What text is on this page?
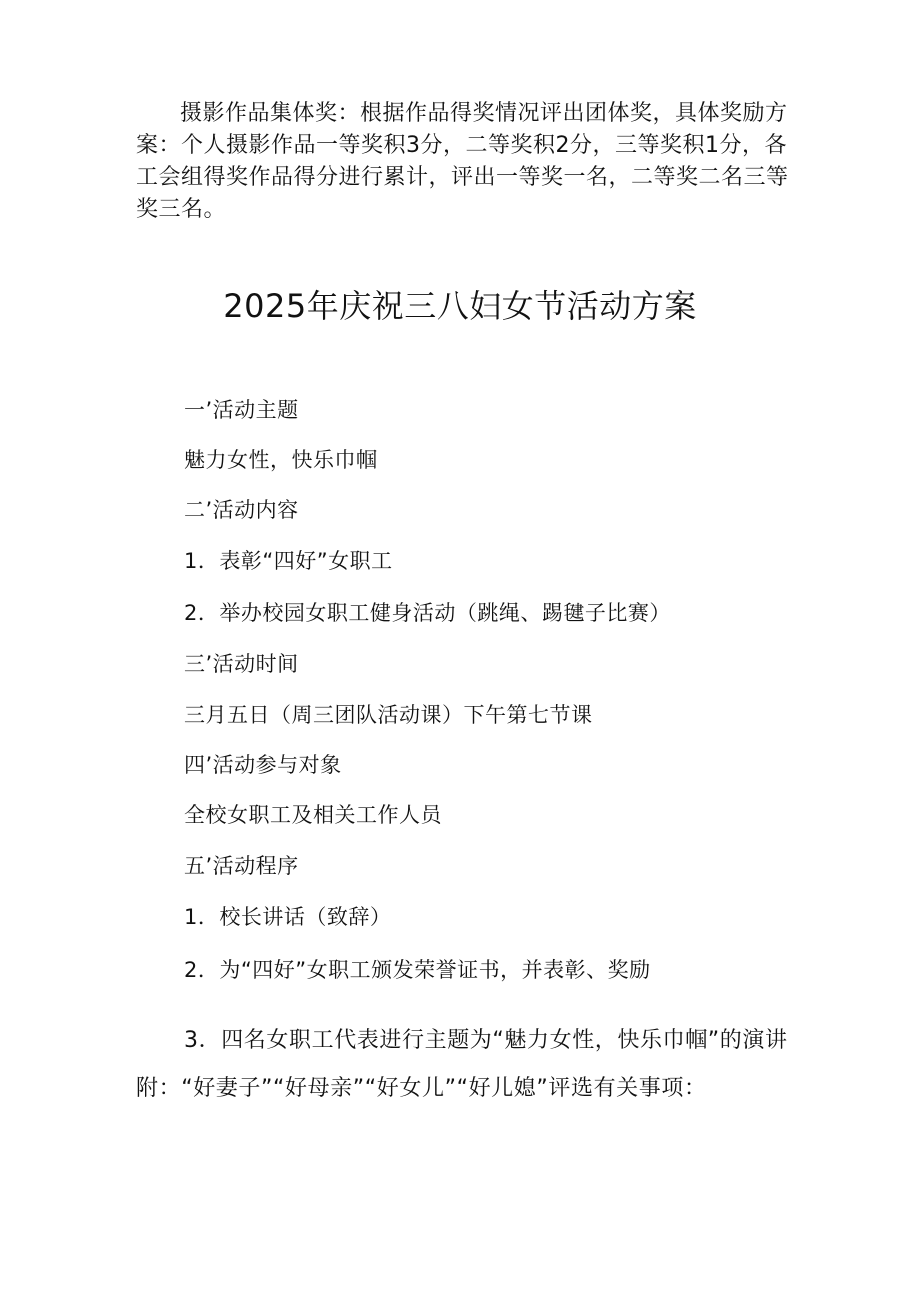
摄影作品集体奖：根据作品得奖情况评出团体奖，具体奖励方案：个人摄影作品一等奖积3分，二等奖积2分，三等奖积1分，各工会组得奖作品得分进行累计，评出一等奖一名，二等奖二名三等奖三名。

2025年庆祝三八妇女节活动方案
一’活动主题
魅力女性，快乐巾帼
二’活动内容
1．表彰“四好”女职工
2．举办校园女职工健身活动（跳绳、踢毽子比赛）
三’活动时间
三月五日（周三团队活动课）下午第七节课
四’活动参与对象
全校女职工及相关工作人员
五’活动程序
1．校长讲话（致辞）
2．为“四好”女职工颁发荣誉证书，并表彰、奖励

3．四名女职工代表进行主题为“魅力女性，快乐巾帼”的演讲附：“好妻子”“好母亲”“好女儿”“好儿媳”评选有关事项：
